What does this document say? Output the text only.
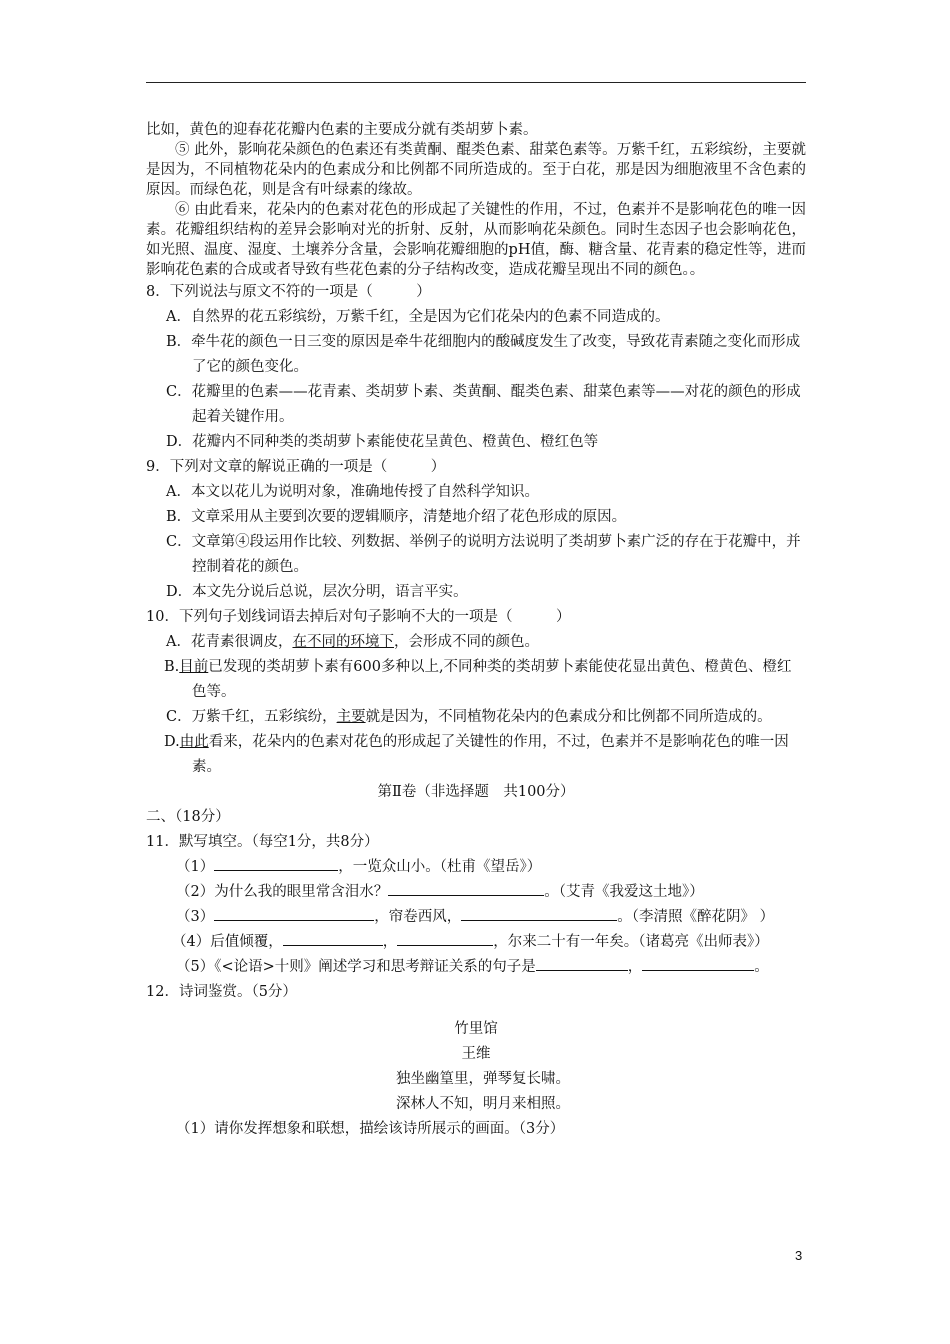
比如，黄色的迎春花花瓣内色素的主要成分就有类胡萝卜素。

⑤ 此外，影响花朵颜色的色素还有类黄酮、醌类色素、甜菜色素等。万紫千红，五彩缤纷，主要就是因为，不同植物花朵内的色素成分和比例都不同所造成的。至于白花，那是因为细胞液里不含色素的原因。而绿色花，则是含有叶绿素的缘故。

⑥ 由此看来，花朵内的色素对花色的形成起了关键性的作用，不过，色素并不是影响花色的唯一因素。花瓣组织结构的差异会影响对光的折射、反射，从而影响花朵颜色。同时生态因子也会影响花色，如光照、温度、湿度、土壤养分含量，会影响花瓣细胞的pH值，酶、糖含量、花青素的稳定性等，进而影响花色素的合成或者导致有些花色素的分子结构改变，造成花瓣呈现出不同的颜色。。

8．下列说法与原文不符的一项是（　　　）

A．自然界的花五彩缤纷，万紫千红，全是因为它们花朵内的色素不同造成的。

B．牵牛花的颜色一日三变的原因是牵牛花细胞内的酸碱度发生了改变，导致花青素随之变化而形成了它的颜色变化。

C．花瓣里的色素——花青素、类胡萝卜素、类黄酮、醌类色素、甜菜色素等——对花的颜色的形成起着关键作用。

D．花瓣内不同种类的类胡萝卜素能使花呈黄色、橙黄色、橙红色等

9．下列对文章的解说正确的一项是（　　　）

A．本文以花儿为说明对象，准确地传授了自然科学知识。

B．文章采用从主要到次要的逻辑顺序，清楚地介绍了花色形成的原因。

C．文章第④段运用作比较、列数据、举例子的说明方法说明了类胡萝卜素广泛的存在于花瓣中，并控制着花的颜色。

D．本文先分说后总说，层次分明，语言平实。

10．下列句子划线词语去掉后对句子影响不大的一项是（　　　）

A．花青素很调皮，在不同的环境下，会形成不同的颜色。

B.目前已发现的类胡萝卜素有600多种以上,不同种类的类胡萝卜素能使花显出黄色、橙黄色、橙红色等。

C．万紫千红，五彩缤纷，主要就是因为，不同植物花朵内的色素成分和比例都不同所造成的。

D.由此看来，花朵内的色素对花色的形成起了关键性的作用，不过，色素并不是影响花色的唯一因素。

第Ⅱ卷（非选择题　共100分）

二、（18分）

11．默写填空。（每空1分，共8分）

（1）	，一览众山小。（杜甫《望岳》）

（2）为什么我的眼里常含泪水？	。（艾青《我爱这土地》）

（3）	，帘卷西风，	。（李清照《醉花阴》 ）

（4）后值倾覆，	，	，尔来二十有一年矣。（诸葛亮《出师表》）

（5）《<论语>十则》阐述学习和思考辩证关系的句子是	，	。

12．诗词鉴赏。（5分）

竹里馆

王维

独坐幽篁里，弹琴复长啸。

深林人不知，明月来相照。

（1）请你发挥想象和联想，描绘该诗所展示的画面。（3分）

3
